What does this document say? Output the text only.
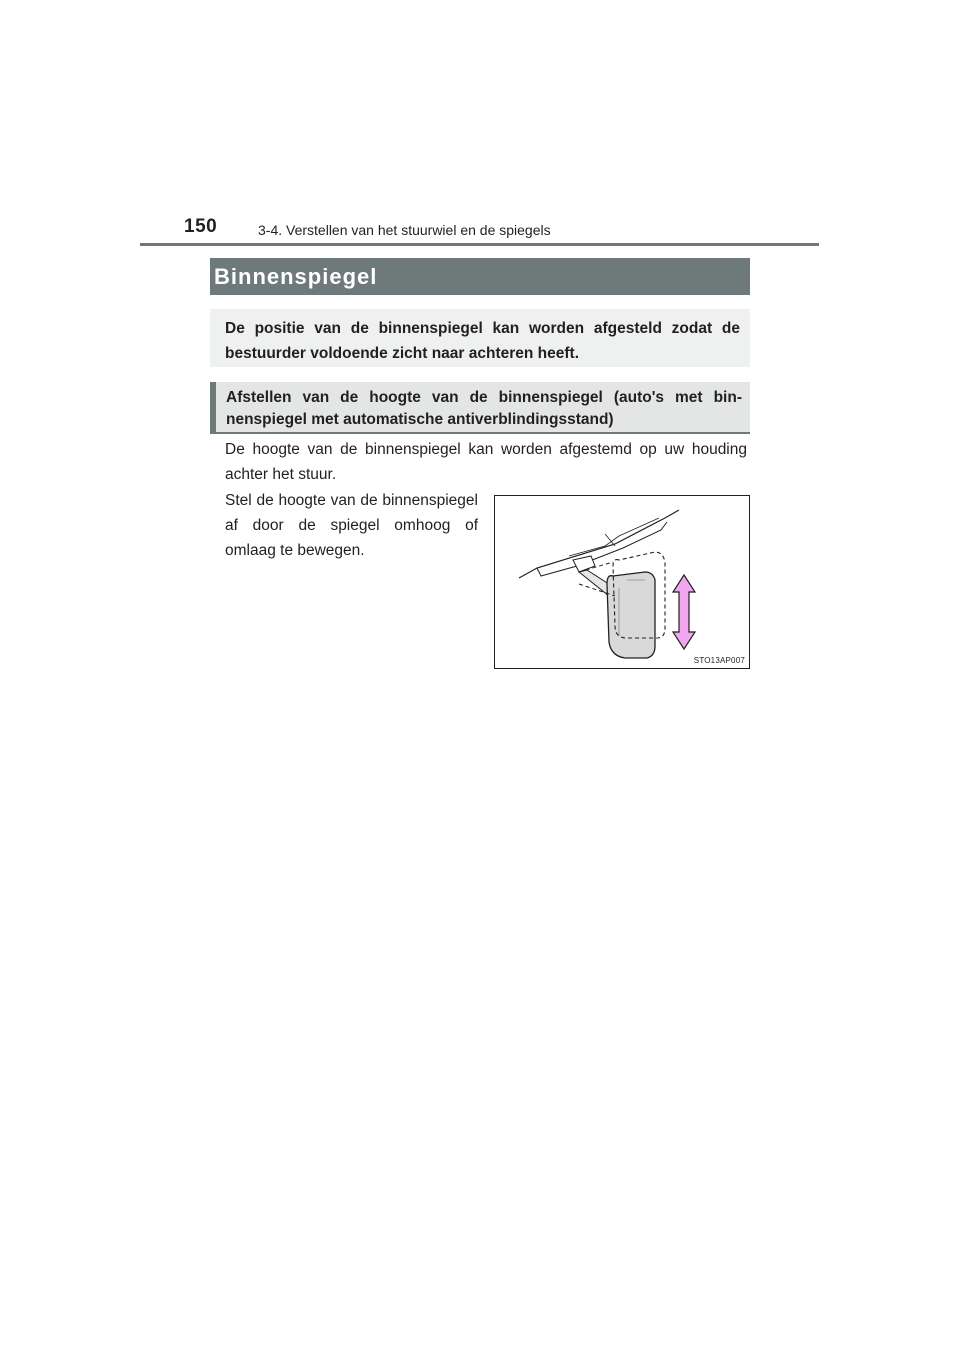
150	3-4. Verstellen van het stuurwiel en de spiegels
Binnenspiegel
De positie van de binnenspiegel kan worden afgesteld zodat de bestuurder voldoende zicht naar achteren heeft.
Afstellen van de hoogte van de binnenspiegel (auto's met binnenspiegel met automatische antiverblindingsstand)

De hoogte van de binnenspiegel kan worden afgestemd op uw houding achter het stuur.

Stel de hoogte van de binnenspiegel af door de spiegel omhoog of omlaag te bewegen.

STO13AP007
